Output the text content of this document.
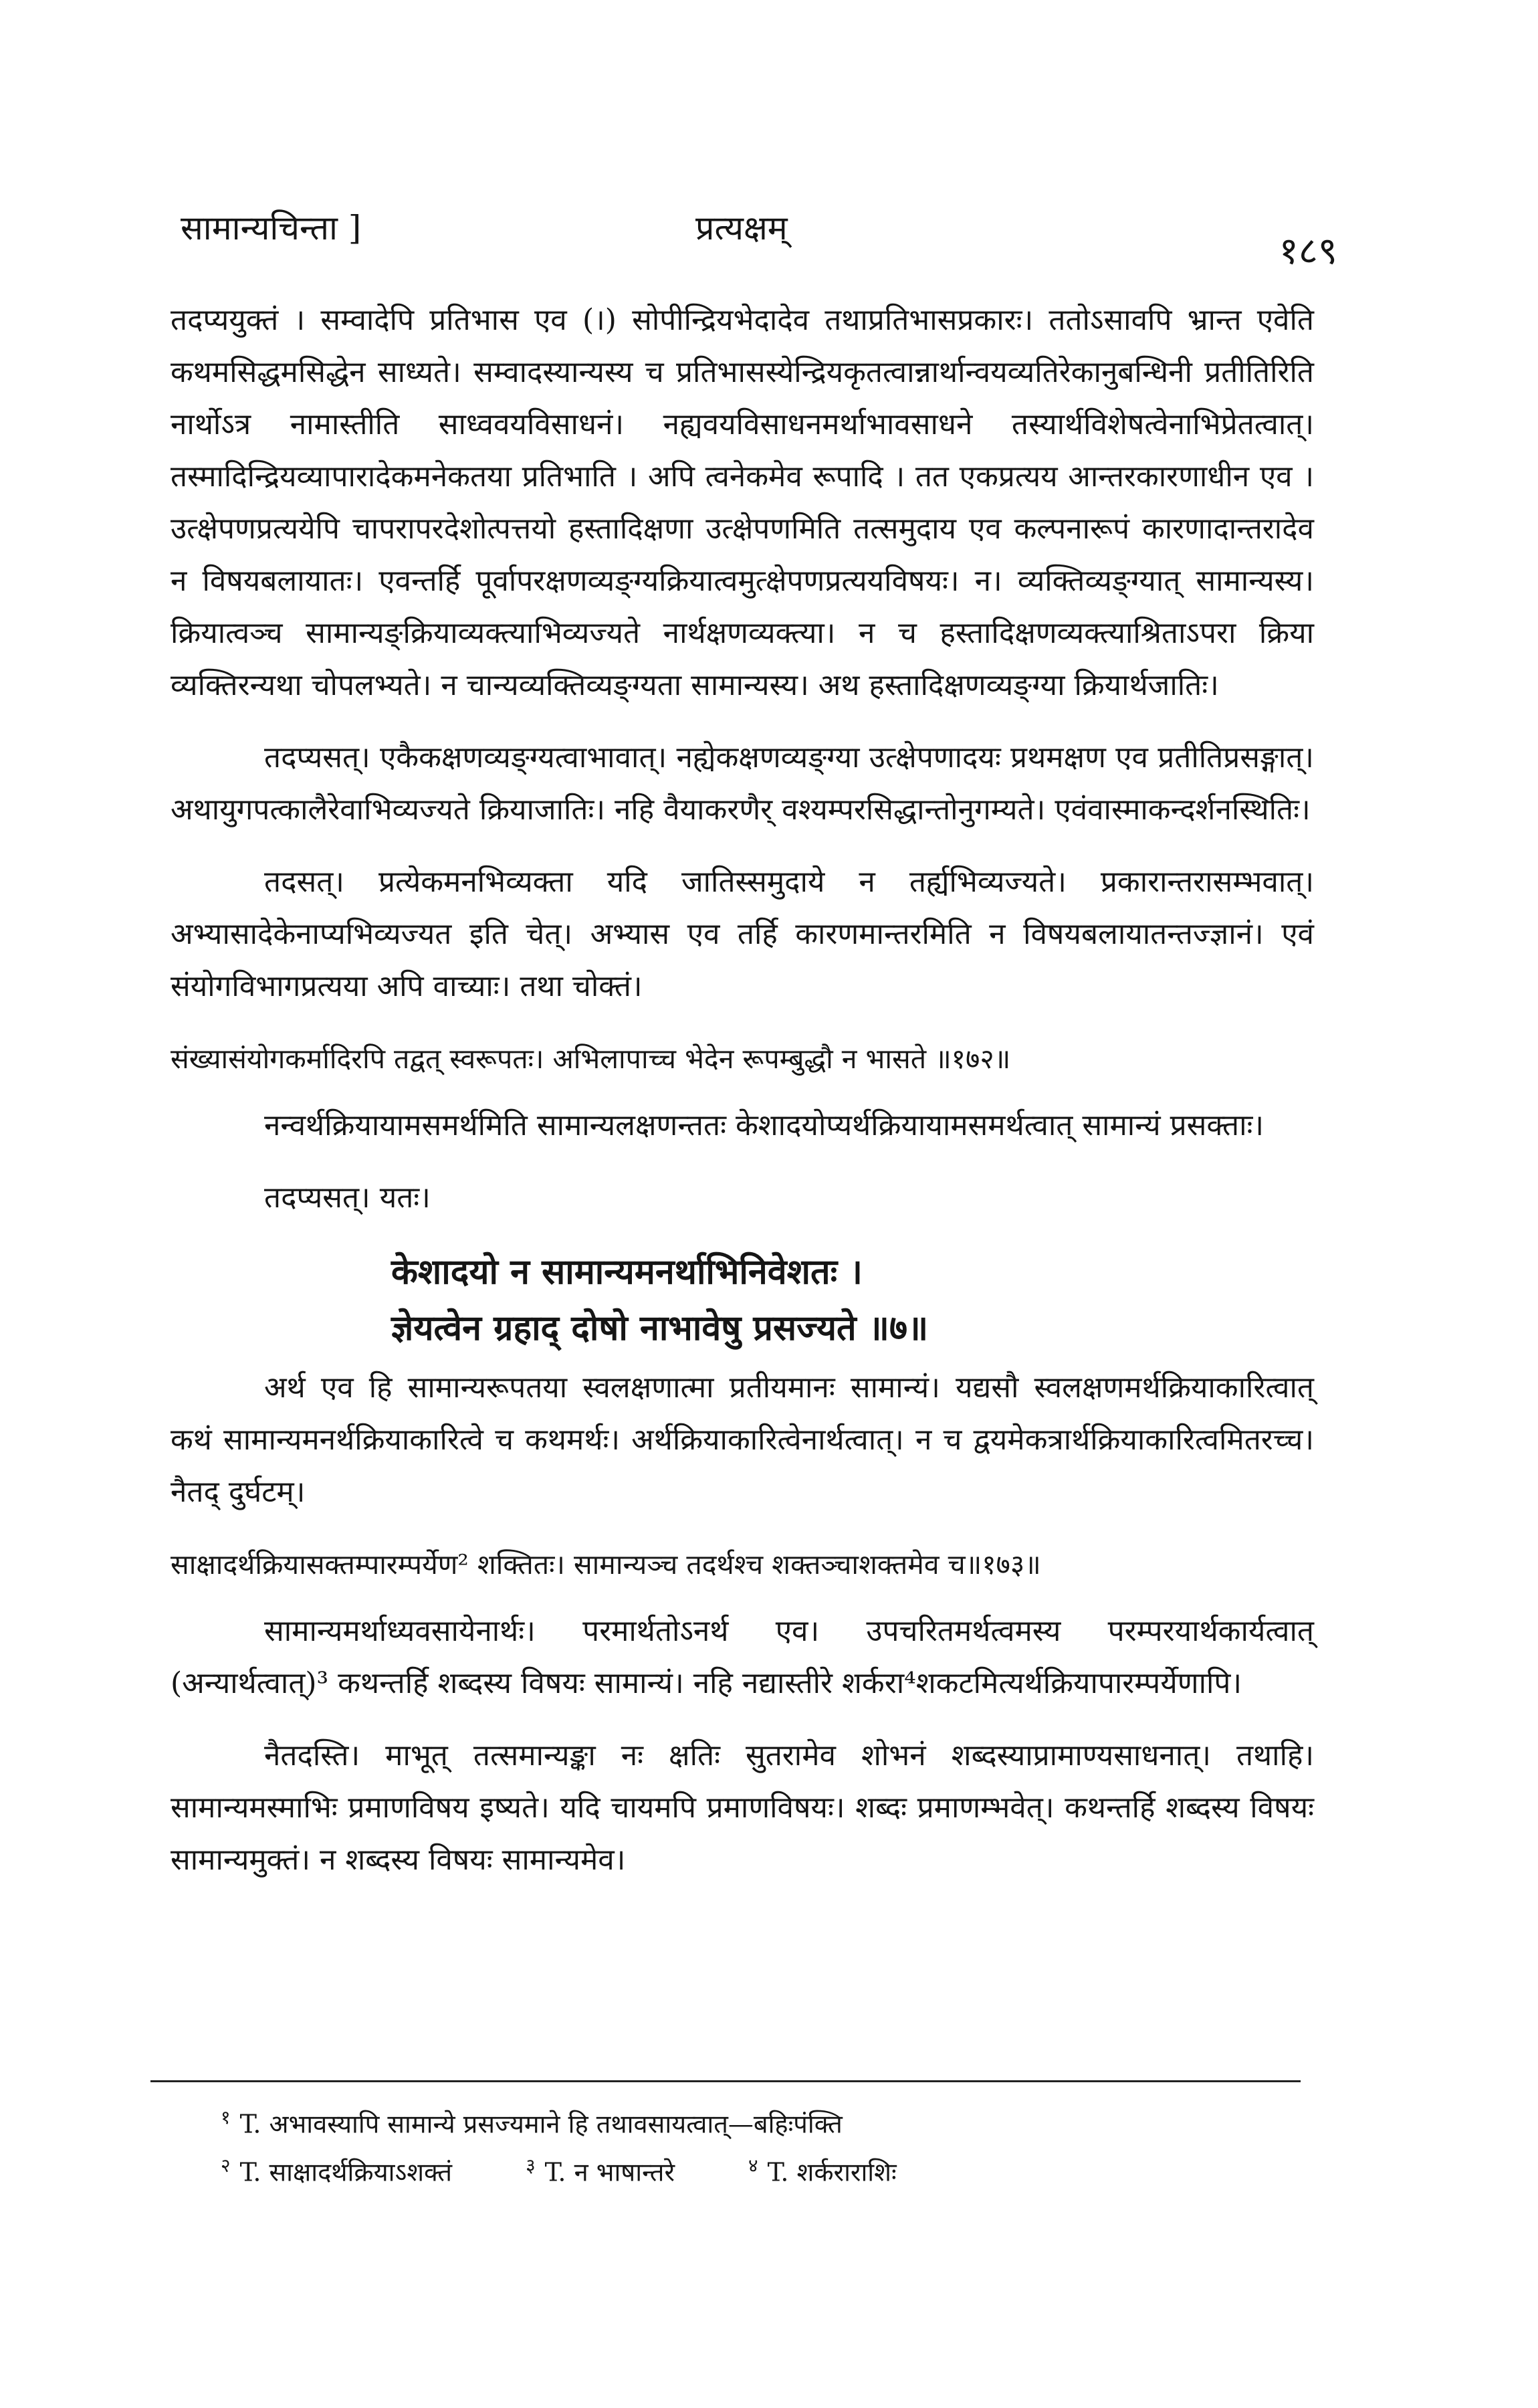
सामान्यचिन्ता ]	प्रत्यक्षम्
१८९

तदप्ययुक्तं । सम्वादेपि प्रतिभास एव (।) सोपीन्द्रियभेदादेव तथाप्रतिभासप्रकारः। ततोऽसावपि भ्रान्त एवेति कथमसिद्धमसिद्धेन साध्यते। सम्वादस्यान्यस्य च प्रतिभासस्येन्द्रियकृतत्वान्नार्थान्वयव्यतिरेकानुबन्धिनी प्रतीतिरिति नार्थोऽत्र नामास्तीति साध्ववयविसाधनं। नह्यवयविसाधनमर्थाभावसाधने तस्यार्थविशेषत्वेनाभिप्रेतत्वात्। तस्मादिन्द्रियव्यापारादेकमनेकतया प्रतिभाति । अपि त्वनेकमेव रूपादि । तत एकप्रत्यय आन्तरकारणाधीन एव । उत्क्षेपणप्रत्ययेपि चापरापरदेशोत्पत्तयो हस्तादिक्षणा उत्क्षेपणमिति तत्समुदाय एव कल्पनारूपं कारणादान्तरादेव न विषयबलायातः। एवन्तर्हि पूर्वापरक्षणव्यङ्ग्यक्रियात्वमुत्क्षेपणप्रत्ययविषयः। न। व्यक्तिव्यङ्ग्यात् सामान्यस्य। क्रियात्वञ्च सामान्यङ्क्रियाव्यक्त्याभिव्यज्यते नार्थक्षणव्यक्त्या। न च हस्तादिक्षणव्यक्त्याश्रिताऽपरा क्रिया व्यक्तिरन्यथा चोपलभ्यते। न चान्यव्यक्तिव्यङ्ग्यता सामान्यस्य। अथ हस्तादिक्षणव्यङ्ग्या क्रियार्थजातिः।

तदप्यसत्। एकैकक्षणव्यङ्ग्यत्वाभावात्। नह्येकक्षणव्यङ्ग्या उत्क्षेपणादयः प्रथमक्षण एव प्रतीतिप्रसङ्गात्। अथायुगपत्कालैरेवाभिव्यज्यते क्रियाजातिः। नहि वैयाकरणैर् वश्यम्परसिद्धान्तोनुगम्यते। एवंवास्माकन्दर्शनस्थितिः।

तदसत्। प्रत्येकमनभिव्यक्ता यदि जातिस्समुदाये न तर्ह्यभिव्यज्यते। प्रकारान्तरासम्भवात्। अभ्यासादेकेनाप्यभिव्यज्यत इति चेत्। अभ्यास एव तर्हि कारणमान्तरमिति न विषयबलायातन्तज्ज्ञानं। एवं संयोगविभागप्रत्यया अपि वाच्याः। तथा चोक्तं।

संख्यासंयोगकर्मादिरपि तद्वत् स्वरूपतः। अभिलापाच्च भेदेन रूपम्बुद्धौ न भासते ॥१७२॥

नन्वर्थक्रियायामसमर्थमिति सामान्यलक्षणन्ततः केशादयोप्यर्थक्रियायामसमर्थत्वात् सामान्यं प्रसक्ताः।

तदप्यसत्। यतः।

केशादयो न सामान्यमनर्थाभिनिवेशतः ।
ज्ञेयत्वेन ग्रहाद् दोषो नाभावेषु प्रसज्यते ॥७॥

अर्थ एव हि सामान्यरूपतया स्वलक्षणात्मा प्रतीयमानः सामान्यं। यद्यसौ स्वलक्षणमर्थक्रियाकारित्वात् कथं सामान्यमनर्थक्रियाकारित्वे च कथमर्थः। अर्थक्रियाकारित्वेनार्थत्वात्। न च द्वयमेकत्रार्थक्रियाकारित्वमितरच्च। नैतद् दुर्घटम्।

साक्षादर्थक्रियासक्तम्पारम्पर्येण² शक्तितः। सामान्यञ्च तदर्थश्च शक्तञ्चाशक्तमेव च॥१७३॥

सामान्यमर्थाध्यवसायेनार्थः। परमार्थतोऽनर्थ एव। उपचरितमर्थत्वमस्य परम्परयार्थकार्यत्वात् (अन्यार्थत्वात्)³ कथन्तर्हि शब्दस्य विषयः सामान्यं। नहि नद्यास्तीरे शर्करा⁴शकटमित्यर्थक्रियापारम्पर्येणापि।

नैतदस्ति। माभूत् तत्समान्यङ्का नः क्षतिः सुतरामेव शोभनं शब्दस्याप्रामाण्यसाधनात्। तथाहि। सामान्यमस्माभिः प्रमाणविषय इष्यते। यदि चायमपि प्रमाणविषयः। शब्दः प्रमाणम्भवेत्। कथन्तर्हि शब्दस्य विषयः सामान्यमुक्तं। न शब्दस्य विषयः सामान्यमेव।

$^१$ T. अभावस्यापि सामान्ये प्रसज्यमाने हि तथावसायत्वात्—बहिःपंक्ति
$^२$ T. साक्षादर्थक्रियाऽशक्तं	$^३$ T. न भाषान्तरे	$^४$ T. शर्कराराशिः
